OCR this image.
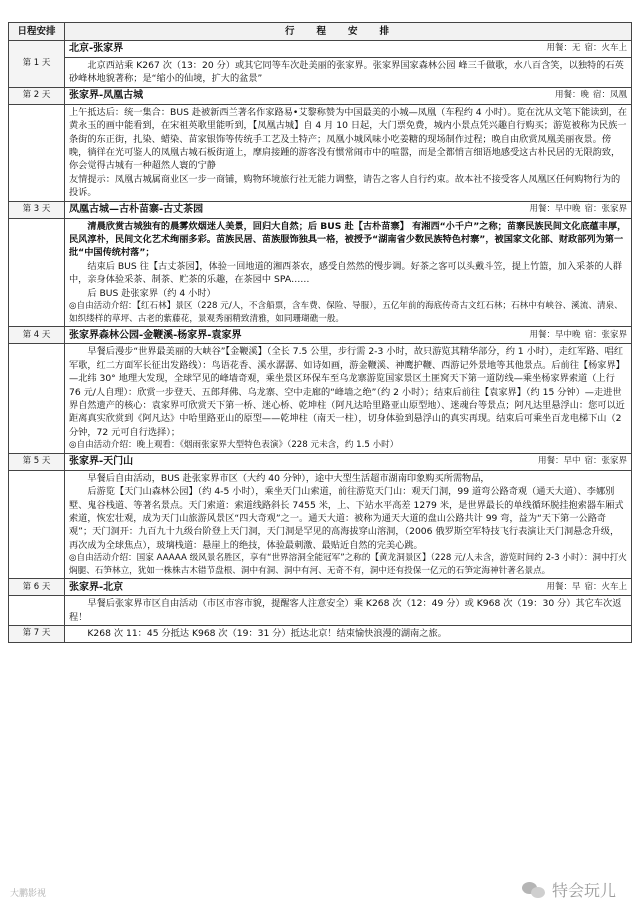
日程安排	行程安排
第 1 天	北京-张家界 用餐：无 宿：火车上

	北京西站乘 K267 次（13：20 分）或其它同等车次赴美丽的张家界。张家界国家森林公园 峰三千做歌，水八百含笑，以独特的石英砂峰林地貌著称；是“缩小的仙境，扩大的盆景”

第 2 天	张家界-凤凰古城 用餐：晚 宿：凤凰

	上午抵达后：统一集合：BUS 赴被新西兰著名作家路易•艾黎称赞为中国最美的小城—凤凰（车程约 4 小时）。览在沈从文笔下能读到，在黄永玉的画中能看到，在宋祖英歌里能听到，【凤凰古城】自 4 月 10 日起，大门票免费，城内小景点凭兴趣自行购买；游览被称为民族一条街的东正街，扎染、蜡染、苗家银饰等传统手工艺及土特产；凤凰小城风味小吃姜糖的现场制作过程；晚自由欣赏凤凰美丽夜景。傍晚，徜徉在光可鉴人的凤凰古城石板街道上，摩肩接踵的游客没有惯常闹市中的喧嚣，而是全都悄言细语地感受这古朴民居的无限韵致，你会觉得古城有一种超然人寰的宁静

友情提示：凤凰古城属商业区一步一商铺，购物环境旅行社无能力调整，请告之客人自行约束。故本社不接受客人凤凰区任何购物行为的投诉。

第 3 天	凤凰古城—古朴苗寨-古丈茶园 用餐：早中晚 宿：张家界

	清晨欣赏古城独有的晨雾炊烟迷人美景，回归大自然；后 BUS 赴【古朴苗寨】 有湘西“小千户”之称；苗寨民族民间文化底蕴丰厚，民风淳朴，民间文化艺术绚丽多彩。苗族民居、苗族服饰独具一格，被授予“湖南省少数民族特色村寨”，被国家文化部、财政部列为第一批“中国传统村落”；

结束后 BUS 往【古丈茶园】，体验一回地道的湘西茶农，感受自然然的慢步调。好茶之客可以头戴斗笠，提上竹篮，加入采茶的人群中，亲身体验采茶、制茶、贮茶的乐趣，在茶园中 SPA……

后 BUS 赴张家界（约 4 小时）

◎自由活动介绍：【红石林】景区（228 元/人，不含船票，含车费、保险、导服），五亿年前的海底传奇古文红石林；石林中有峡谷、溪流、清泉、如织缕样的草坪、古老的紫藤花，景观秀丽精致清雅，如同珊瑚礁一般。

第 4 天	张家界森林公园-金鞭溪-杨家界-袁家界 用餐：早中晚 宿：张家界

	早餐后漫步“世界最美丽的大峡谷”【金鞭溪】（全长 7.5 公里，步行需 2-3 小时，故只游览其精华部分，约 1 小时），走红军路、唱红军歌，红二方面军长征出发路线）：鸟语花香、溪水潺潺、如诗如画，游金鞭溪、神鹰护鞭、西游记外景地等其他景点。后前往【杨家界】—北纬 30° 地理大发现，全球罕见的峰墙奇观，乘坐景区环保车至乌龙寨游览国家景区土匪窝天下第一道防线—乘坐杨家界索道（上行 76 元/人自理）：欣赏一步登天、五郎拜佛、乌龙寨、空中走廊的“峰墙之绝”（约 2 小时）；结束后前往【袁家界】（约 15 分钟）—走进世界自然遗产的核心：袁家界可欣赏天下第一桥、迷心桥、乾坤柱（阿凡达哈里路亚山原型地）、迷魂台等景点；阿凡达里悬浮山：您可以近距离真实欣赏到《阿凡达》中哈里路亚山的原型——乾坤柱（南天一柱），切身体验到悬浮山的真实再现。结束后可乘坐百龙电梯下山（2 分钟，72 元可自行选择）；

◎自由活动介绍：晚上观看：《烟雨张家界大型特色表演》（228 元未含，约 1.5 小时）

第 5 天	张家界-天门山 用餐：早中 宿：张家界

	早餐后自由活动，BUS 赴张家界市区（大约 40 分钟），途中大型生活超市湖南印象购买所需物品，

后游览【天门山森林公园】（约 4-5 小时），乘坐天门山索道，前往游览天门山：观天门洞，99 道弯公路奇观（通天大道）、李娜别墅、鬼谷栈道、等著名景点。天门索道：索道线路斜长 7455 米，上、下站水平高差 1279 米，是世界最长的单线循环脱挂抱索器车厢式索道，恢宏壮观，成为天门山旅游风景区“四大奇观”之一。通天大道：被称为通天大道的盘山公路共计 99 弯，益为“天下第一公路奇观”；天门洞开：九百九十九级台阶登上天门洞，天门洞是罕见的高海拔穿山溶洞，（2006 俄罗斯空军特技飞行表演让天门洞悬念升级，再次成为全球焦点），玻璃栈道：悬崖上的绝技，体验最刺激、最贴近自然的完美心跳。

◎自由活动介绍：国家 AAAAA 级风景名胜区，享有“世界溶洞全能冠军”之称的【黄龙洞景区】（228 元/人未含，游览时间约 2-3 小时）：洞中打火焖腿、石笋林立，犹如一株株古木错节盘根、洞中有洞、洞中有河、无奇不有，洞中还有投保一亿元的石笋定海神针著名景点。

第 6 天	张家界-北京 用餐：早 宿：火车上

	早餐后张家界市区自由活动（市区市容市貌，提醒客人注意安全）乘 K268 次（12：49 分）或 K968 次（19：30 分）其它车次返程！

第 7 天	K268 次 11：45 分抵达 K968 次（19：31 分）抵达北京！结束愉快浪漫的湖南之旅。

大鹏影视	特会玩儿
